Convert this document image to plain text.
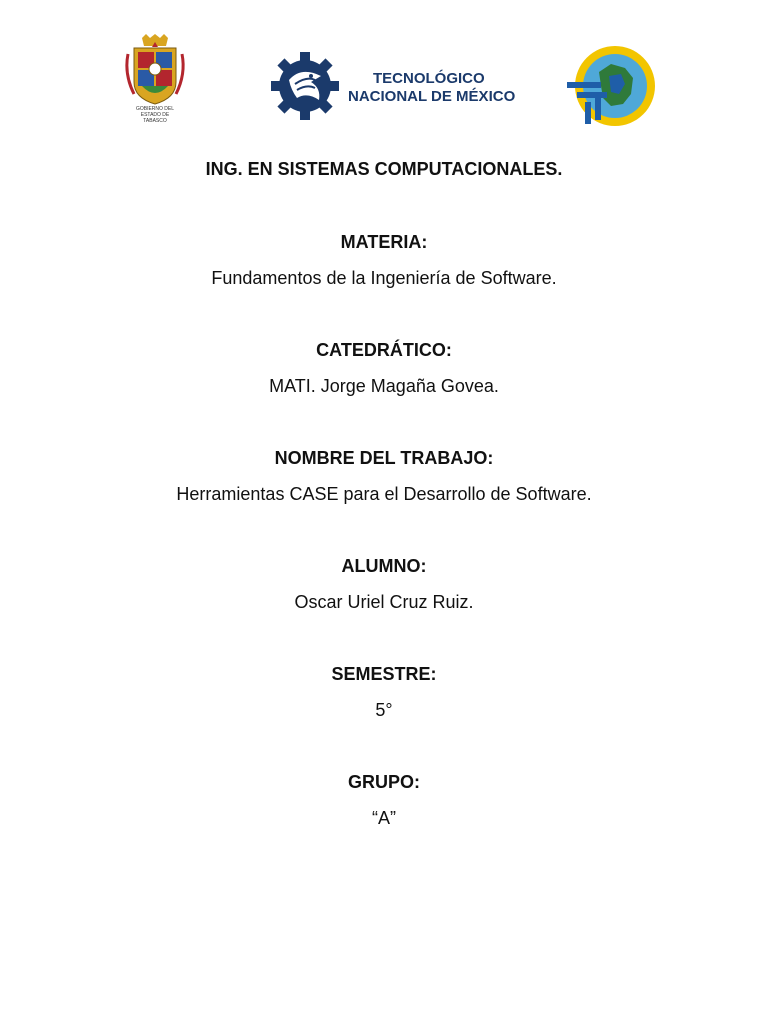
GOBIERNO DEL
ESTADO DE
TABASCO
TECNOLÓGICO
NACIONAL DE MÉXICO
ING. EN SISTEMAS COMPUTACIONALES.
MATERIA:
Fundamentos de la Ingeniería de Software.
CATEDRÁTICO:
MATI. Jorge Magaña Govea.
NOMBRE DEL TRABAJO:
Herramientas CASE para el Desarrollo de Software.
ALUMNO:
Oscar Uriel Cruz Ruiz.
SEMESTRE:
5°
GRUPO:
“A”
